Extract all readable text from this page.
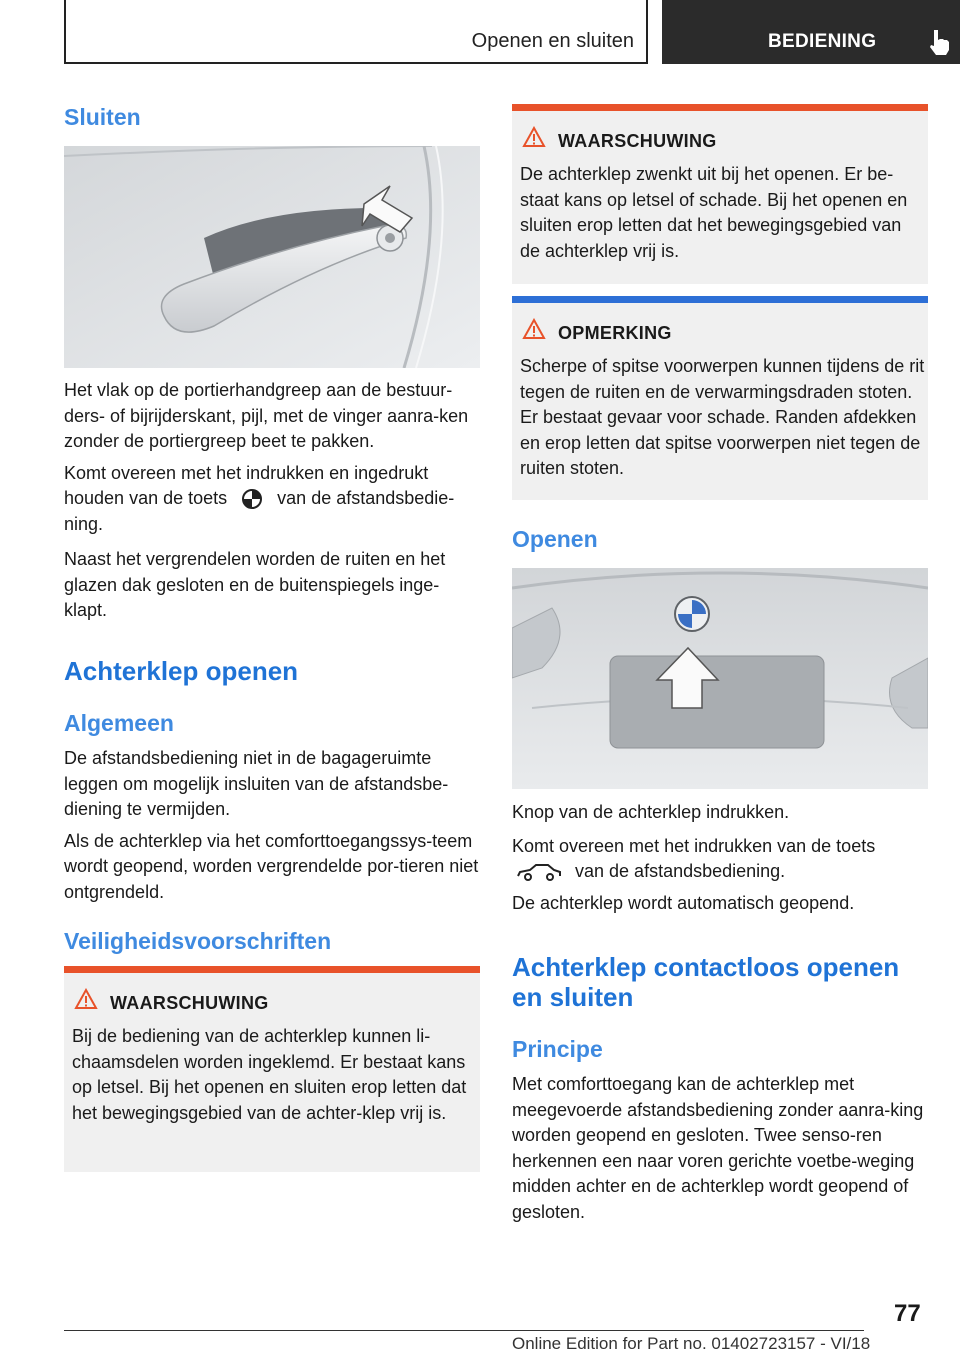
Openen en sluiten	BEDIENING
Sluiten

Het vlak op de portierhandgreep aan de bestuur-ders- of bijrijderskant, pijl, met de vinger aanra-ken zonder de portiergreep beet te pakken.

Komt overeen met het indrukken en ingedrukt houden van de toets	van de afstandsbedie-ning.

Naast het vergrendelen worden de ruiten en het glazen dak gesloten en de buitenspiegels inge-klapt.

Achterklep openen
Algemeen

De afstandsbediening niet in de bagageruimte leggen om mogelijk insluiten van de afstandsbe-diening te vermijden.

Als de achterklep via het comforttoegangssys-teem wordt geopend, worden vergrendelde por-tieren niet ontgrendeld.

Veiligheidsvoorschriften
WAARSCHUWING

Bij de bediening van de achterklep kunnen li-chaamsdelen worden ingeklemd. Er bestaat kans op letsel. Bij het openen en sluiten erop letten dat het bewegingsgebied van de achter-klep vrij is.

WAARSCHUWING

De achterklep zwenkt uit bij het openen. Er be-staat kans op letsel of schade. Bij het openen en sluiten erop letten dat het bewegingsgebied van de achterklep vrij is.

OPMERKING

Scherpe of spitse voorwerpen kunnen tijdens de rit tegen de ruiten en de verwarmingsdraden stoten. Er bestaat gevaar voor schade. Randen afdekken en erop letten dat spitse voorwerpen niet tegen de ruiten stoten.

Openen

Knop van de achterklep indrukken.

Komt overeen met het indrukken van de toets
van de afstandsbediening.

De achterklep wordt automatisch geopend.

Achterklep contactloos openen en sluiten
Principe

Met comforttoegang kan de achterklep met meegevoerde afstandsbediening zonder aanra-king worden geopend en gesloten. Twee senso-ren herkennen een naar voren gerichte voetbe-weging midden achter en de achterklep wordt geopend of gesloten.

77
Online Edition for Part no. 01402723157 - VI/18
